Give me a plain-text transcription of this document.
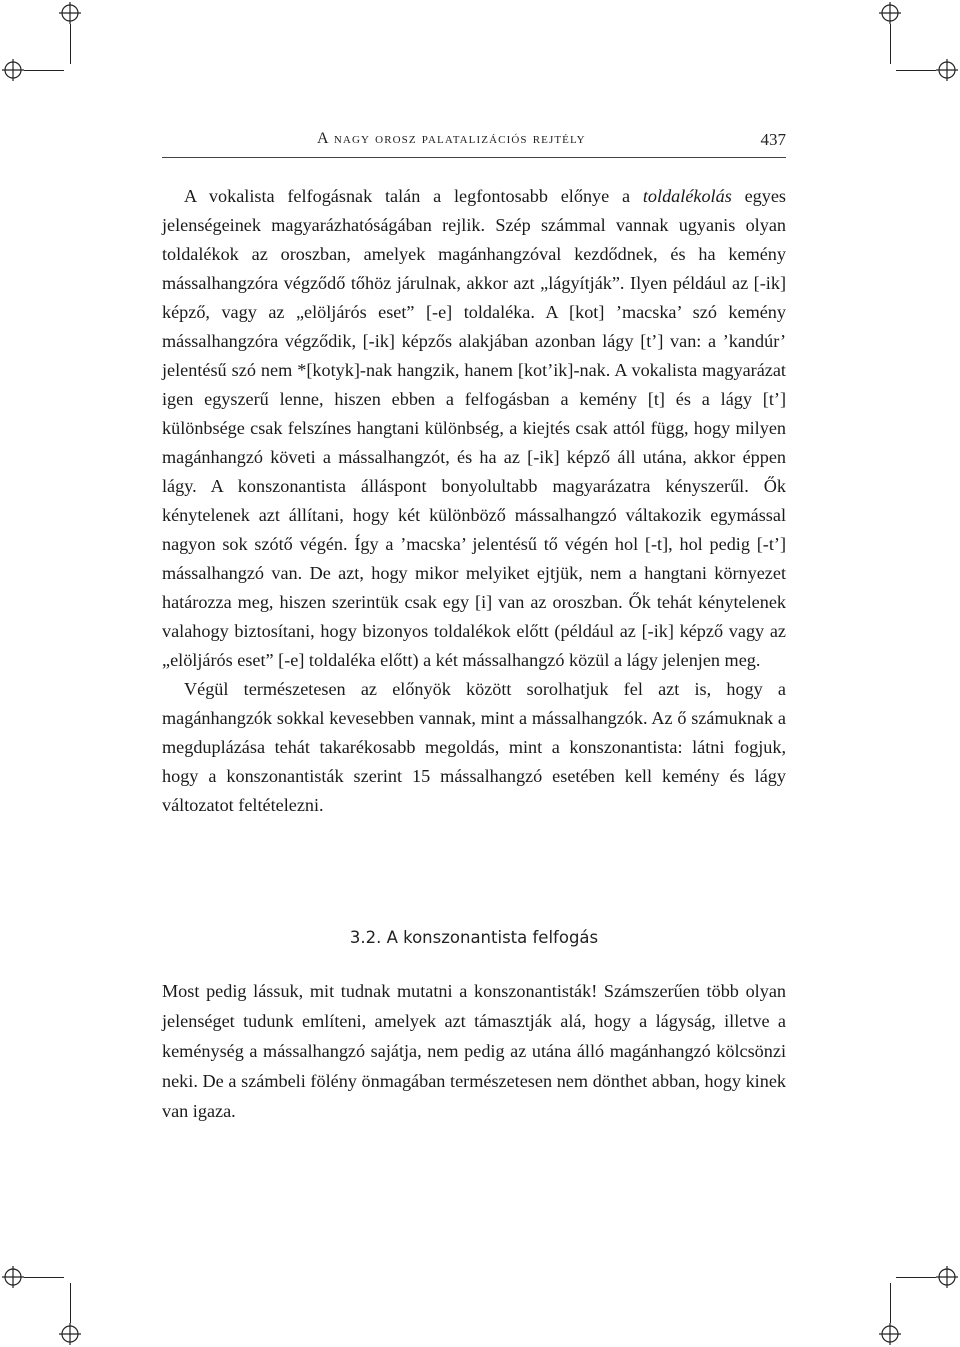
A nagy orosz palatalizációs rejtély	437

A vokalista felfogásnak talán a legfontosabb előnye a toldalékolás egyes jelenségeinek magyarázhatóságában rejlik. Szép számmal vannak ugyanis olyan toldalékok az oroszban, amelyek magánhangzóval kezdődnek, és ha kemény mássalhangzóra végződő tőhöz járulnak, akkor azt „lágyítják”. Ilyen például az [-ik] képző, vagy az „elöljárós eset” [-e] toldaléka. A [kot] ’macska’ szó kemény mássalhangzóra végződik, [-ik] képzős alakjában azonban lágy [t’] van: a ’kandúr’ jelentésű szó nem *[kotyk]-nak hangzik, hanem [kot’ik]-nak. A vokalista magyarázat igen egyszerű lenne, hiszen ebben a felfogásban a kemény [t] és a lágy [t’] különbsége csak felszínes hangtani különbség, a kiejtés csak attól függ, hogy milyen magánhangzó követi a mássalhangzót, és ha az [-ik] képző áll utána, akkor éppen lágy. A konszonantista álláspont bonyolultabb magyarázatra kényszerűl. Ők kénytelenek azt állítani, hogy két különböző mássalhangzó váltakozik egymással nagyon sok szótő végén. Így a ’macska’ jelentésű tő végén hol [-t], hol pedig [-t’] mássalhangzó van. De azt, hogy mikor melyiket ejtjük, nem a hangtani környezet határozza meg, hiszen szerintük csak egy [i] van az oroszban. Ők tehát kénytelenek valahogy biztosítani, hogy bizonyos toldalékok előtt (például az [-ik] képző vagy az „elöljárós eset” [-e] toldaléka előtt) a két mássalhangzó közül a lágy jelenjen meg.

Végül természetesen az előnyök között sorolhatjuk fel azt is, hogy a magánhangzók sokkal kevesebben vannak, mint a mássalhangzók. Az ő számuknak a megduplázása tehát takarékosabb megoldás, mint a konszonantista: látni fogjuk, hogy a konszonantisták szerint 15 mássalhangzó esetében kell kemény és lágy változatot feltételezni.

3.2. A konszonantista felfogás

Most pedig lássuk, mit tudnak mutatni a konszonantisták! Számszerűen több olyan jelenséget tudunk említeni, amelyek azt támasztják alá, hogy a lágyság, illetve a keménység a mássalhangzó sajátja, nem pedig az utána álló magánhangzó kölcsönzi neki. De a számbeli fölény önmagában természetesen nem dönthet abban, hogy kinek van igaza.
